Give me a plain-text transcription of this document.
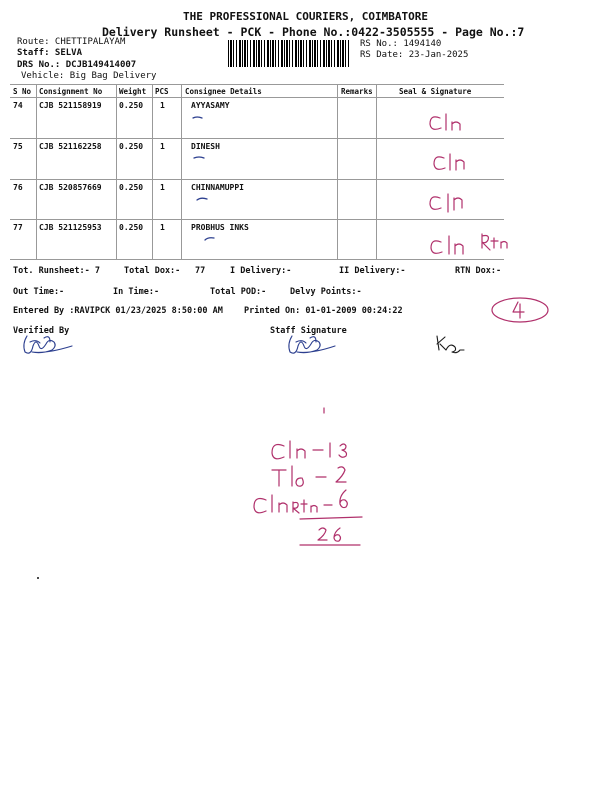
THE PROFESSIONAL COURIERS, COIMBATORE
Delivery Runsheet - PCK - Phone No.:0422-3505555 - Page No.:7
Route: CHETTIPALAYAM
Staff: SELVA
DRS No.: DCJB149414007
Vehicle: Big Bag Delivery
RS No.: 1494140
RS Date: 23-Jan-2025
S No Consignment No Weight PCS Consignee Details	Remarks	Seal & Signature
74 CJB 521158919 0.250 1	AYYASAMY
75 CJB 521162258 0.250 1	DINESH
76 CJB 520857669 0.250 1	CHINNAMUPPI
77 CJB 521125953 0.250 1	PROBHUS INKS
Tot. Runsheet:- 7	Total Dox:- 77	I Delivery:-	II Delivery:-	RTN Dox:-
Out Time:-	In Time:-	Total POD:-	Delvy Points:-
Entered By :RAVIPCK 01/23/2025 8:50:00 AM Printed On: 01-01-2009 00:24:22
Verified By	Staff Signature
